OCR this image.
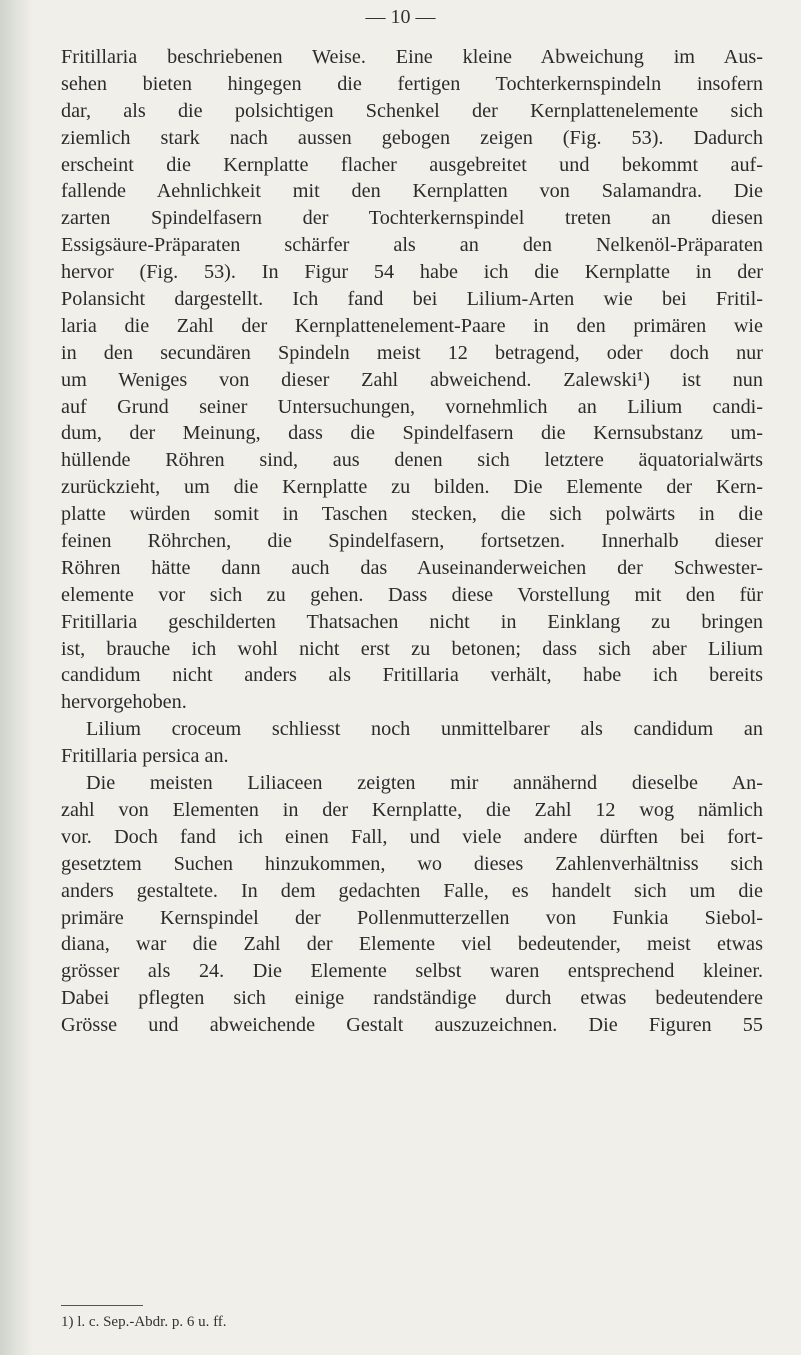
— 10 —
Fritillaria beschriebenen Weise. Eine kleine Abweichung im Aus-
sehen bieten hingegen die fertigen Tochterkernspindeln insofern
dar, als die polsichtigen Schenkel der Kernplattenelemente sich
ziemlich stark nach aussen gebogen zeigen (Fig. 53). Dadurch
erscheint die Kernplatte flacher ausgebreitet und bekommt auf-
fallende Aehnlichkeit mit den Kernplatten von Salamandra. Die
zarten Spindelfasern der Tochterkernspindel treten an diesen
Essigsäure-Präparaten schärfer als an den Nelkenöl-Präparaten
hervor (Fig. 53). In Figur 54 habe ich die Kernplatte in der
Polansicht dargestellt. Ich fand bei Lilium-Arten wie bei Fritil-
laria die Zahl der Kernplattenelement-Paare in den primären wie
in den secundären Spindeln meist 12 betragend, oder doch nur
um Weniges von dieser Zahl abweichend. Zalewski¹) ist nun
auf Grund seiner Untersuchungen, vornehmlich an Lilium candi-
dum, der Meinung, dass die Spindelfasern die Kernsubstanz um-
hüllende Röhren sind, aus denen sich letztere äquatorialwärts
zurückzieht, um die Kernplatte zu bilden. Die Elemente der Kern-
platte würden somit in Taschen stecken, die sich polwärts in die
feinen Röhrchen, die Spindelfasern, fortsetzen. Innerhalb dieser
Röhren hätte dann auch das Auseinanderweichen der Schwester-
elemente vor sich zu gehen. Dass diese Vorstellung mit den für
Fritillaria geschilderten Thatsachen nicht in Einklang zu bringen
ist, brauche ich wohl nicht erst zu betonen; dass sich aber Lilium
candidum nicht anders als Fritillaria verhält, habe ich bereits
hervorgehoben.
Lilium croceum schliesst noch unmittelbarer als candidum an
Fritillaria persica an.
Die meisten Liliaceen zeigten mir annähernd dieselbe An-
zahl von Elementen in der Kernplatte, die Zahl 12 wog nämlich
vor. Doch fand ich einen Fall, und viele andere dürften bei fort-
gesetztem Suchen hinzukommen, wo dieses Zahlenverhältniss sich
anders gestaltete. In dem gedachten Falle, es handelt sich um die
primäre Kernspindel der Pollenmutterzellen von Funkia Siebol-
diana, war die Zahl der Elemente viel bedeutender, meist etwas
grösser als 24. Die Elemente selbst waren entsprechend kleiner.
Dabei pflegten sich einige randständige durch etwas bedeutendere
Grösse und abweichende Gestalt auszuzeichnen. Die Figuren 55
1) l. c. Sep.-Abdr. p. 6 u. ff.
